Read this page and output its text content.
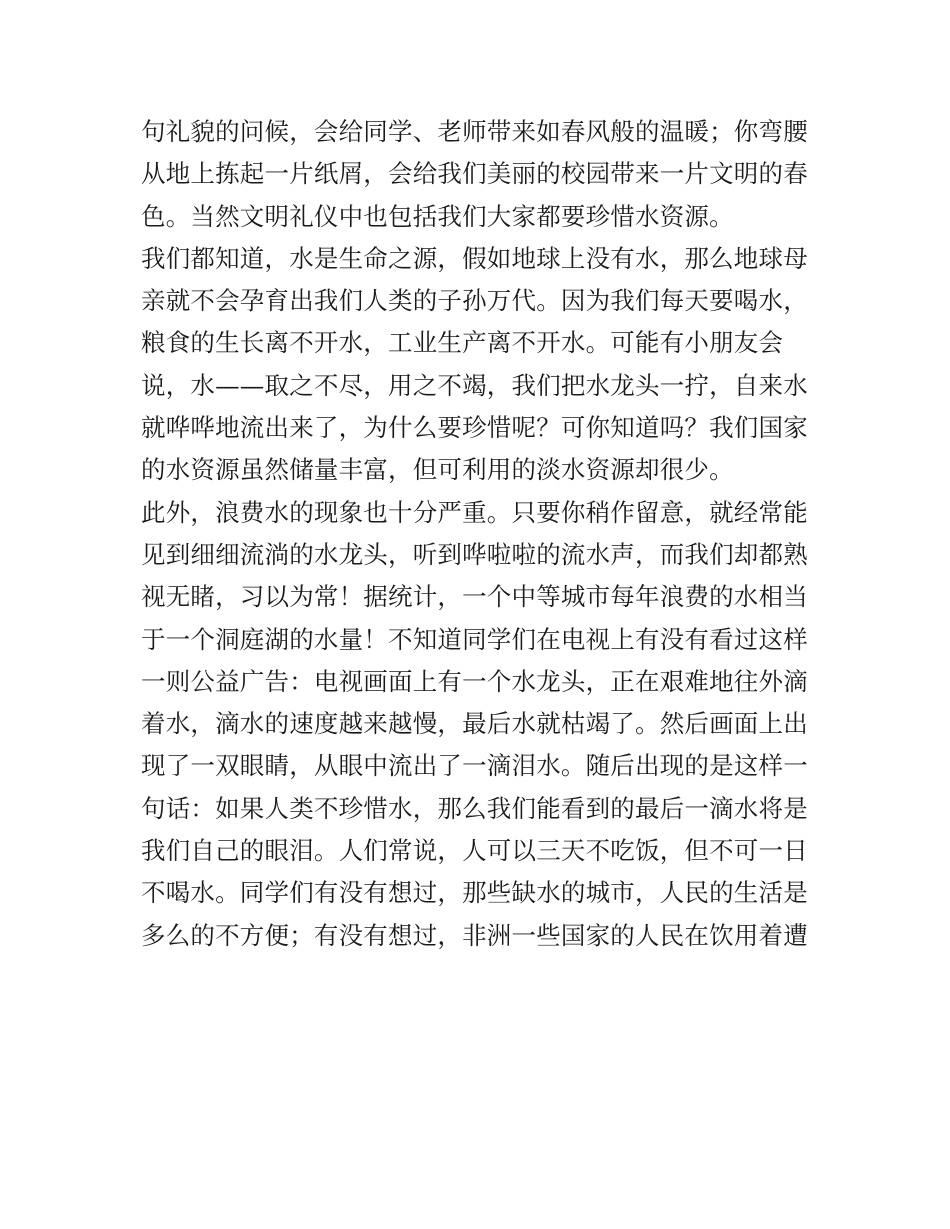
句礼貌的问候，会给同学、老师带来如春风般的温暖；你弯腰
从地上拣起一片纸屑，会给我们美丽的校园带来一片文明的春
色。当然文明礼仪中也包括我们大家都要珍惜水资源。
我们都知道，水是生命之源，假如地球上没有水，那么地球母
亲就不会孕育出我们人类的子孙万代。因为我们每天要喝水，
粮食的生长离不开水，工业生产离不开水。可能有小朋友会
说，水——取之不尽，用之不竭，我们把水龙头一拧，自来水
就哗哗地流出来了，为什么要珍惜呢？可你知道吗？我们国家
的水资源虽然储量丰富，但可利用的淡水资源却很少。
此外，浪费水的现象也十分严重。只要你稍作留意，就经常能
见到细细流淌的水龙头，听到哗啦啦的流水声，而我们却都熟
视无睹，习以为常！据统计，一个中等城市每年浪费的水相当
于一个洞庭湖的水量！不知道同学们在电视上有没有看过这样
一则公益广告：电视画面上有一个水龙头，正在艰难地往外滴
着水，滴水的速度越来越慢，最后水就枯竭了。然后画面上出
现了一双眼睛，从眼中流出了一滴泪水。随后出现的是这样一
句话：如果人类不珍惜水，那么我们能看到的最后一滴水将是
我们自己的眼泪。人们常说，人可以三天不吃饭，但不可一日
不喝水。同学们有没有想过，那些缺水的城市，人民的生活是
多么的不方便；有没有想过，非洲一些国家的人民在饮用着遭
